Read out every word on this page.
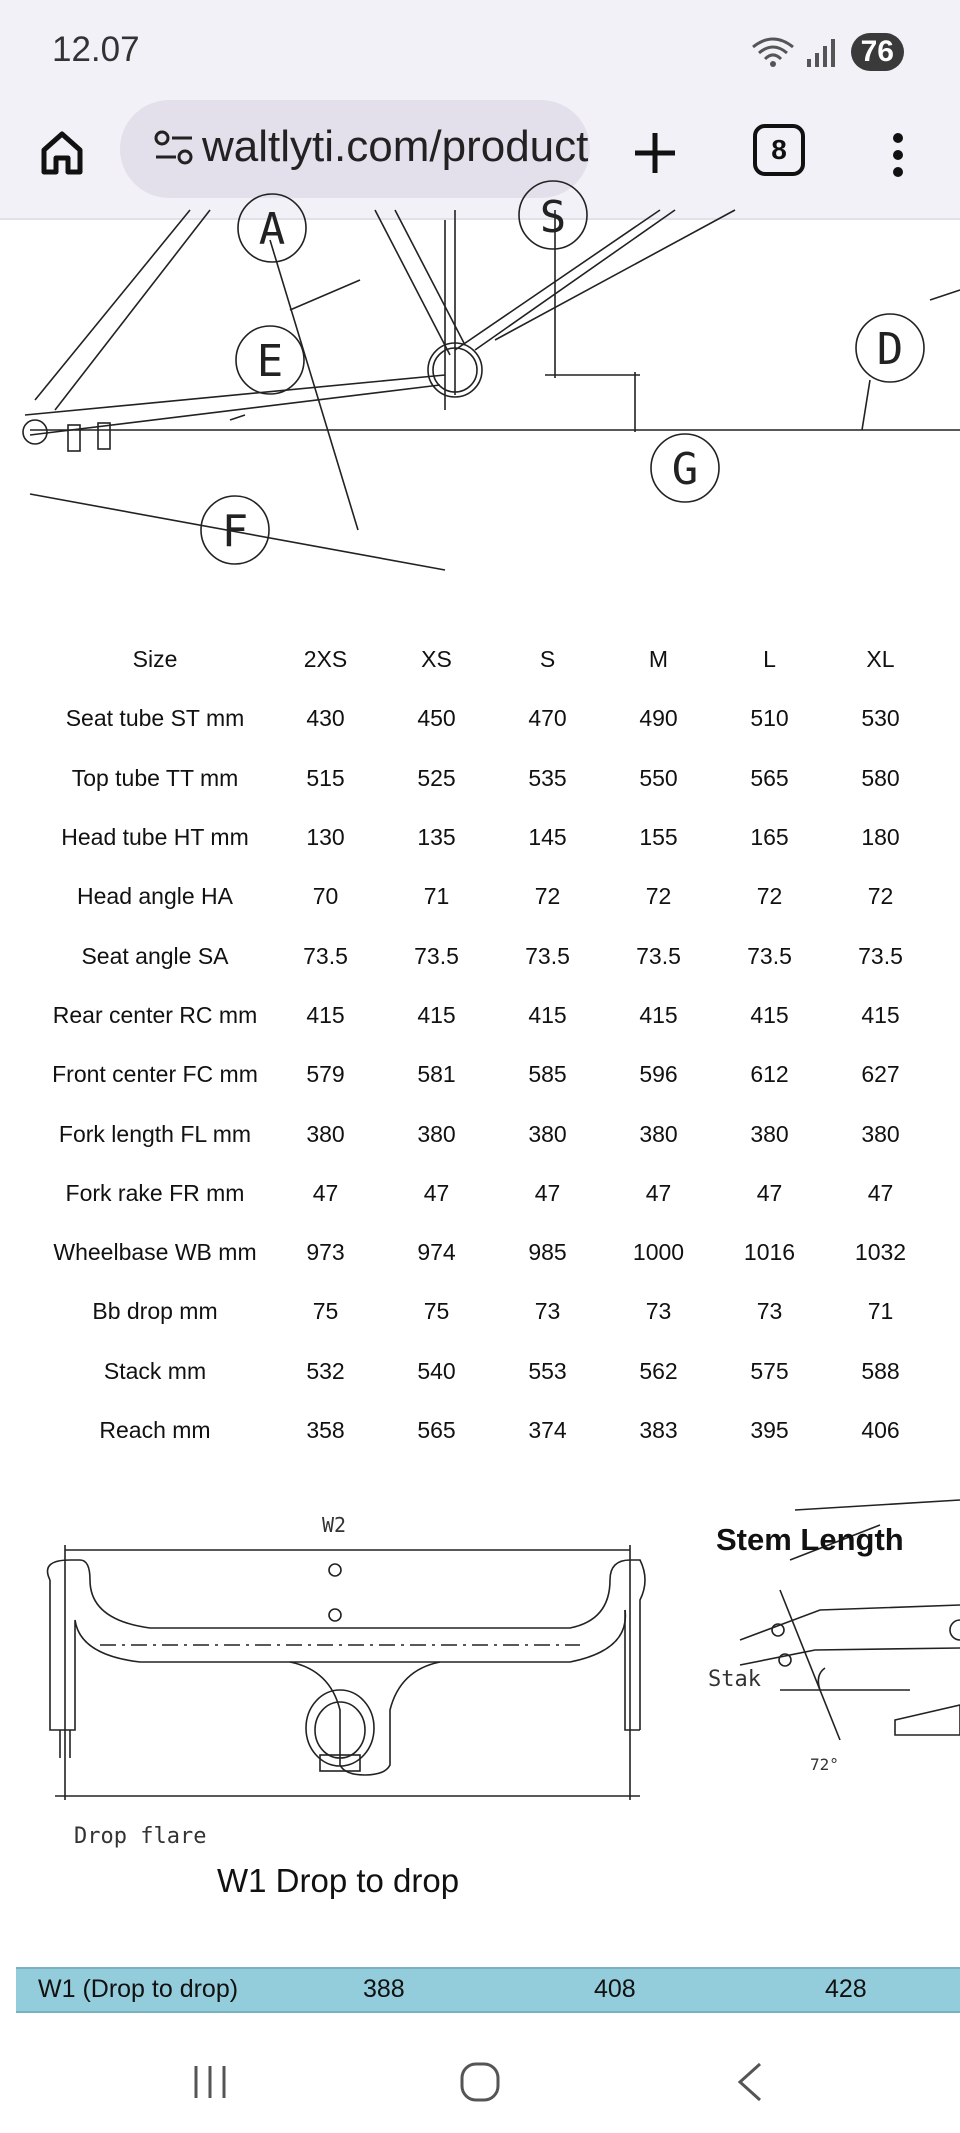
12.07	76
waltlyti.com/product	8
A	S
E	D
G
F
Size	2XS	XS	S	M	L	XL
Seat tube ST mm	430	450	470	490	510	530
Top tube TT mm	515	525	535	550	565	580
Head tube HT mm	130	135	145	155	165	180
Head angle HA	70	71	72	72	72	72
Seat angle SA	73.5	73.5	73.5	73.5	73.5	73.5
Rear center RC mm	415	415	415	415	415	415
Front center FC mm	579	581	585	596	612	627
Fork length FL mm	380	380	380	380	380	380
Fork rake FR mm	47	47	47	47	47	47
Wheelbase WB mm	973	974	985	1000	1016	1032
Bb drop mm	75	75	73	73	73	71
Stack mm	532	540	553	562	575	588
Reach mm	358	565	374	383	395	406
W2
Drop flare
W1 Drop to drop
Stem Length
Stak
72°
W1 (Drop to drop)	388	408	428
